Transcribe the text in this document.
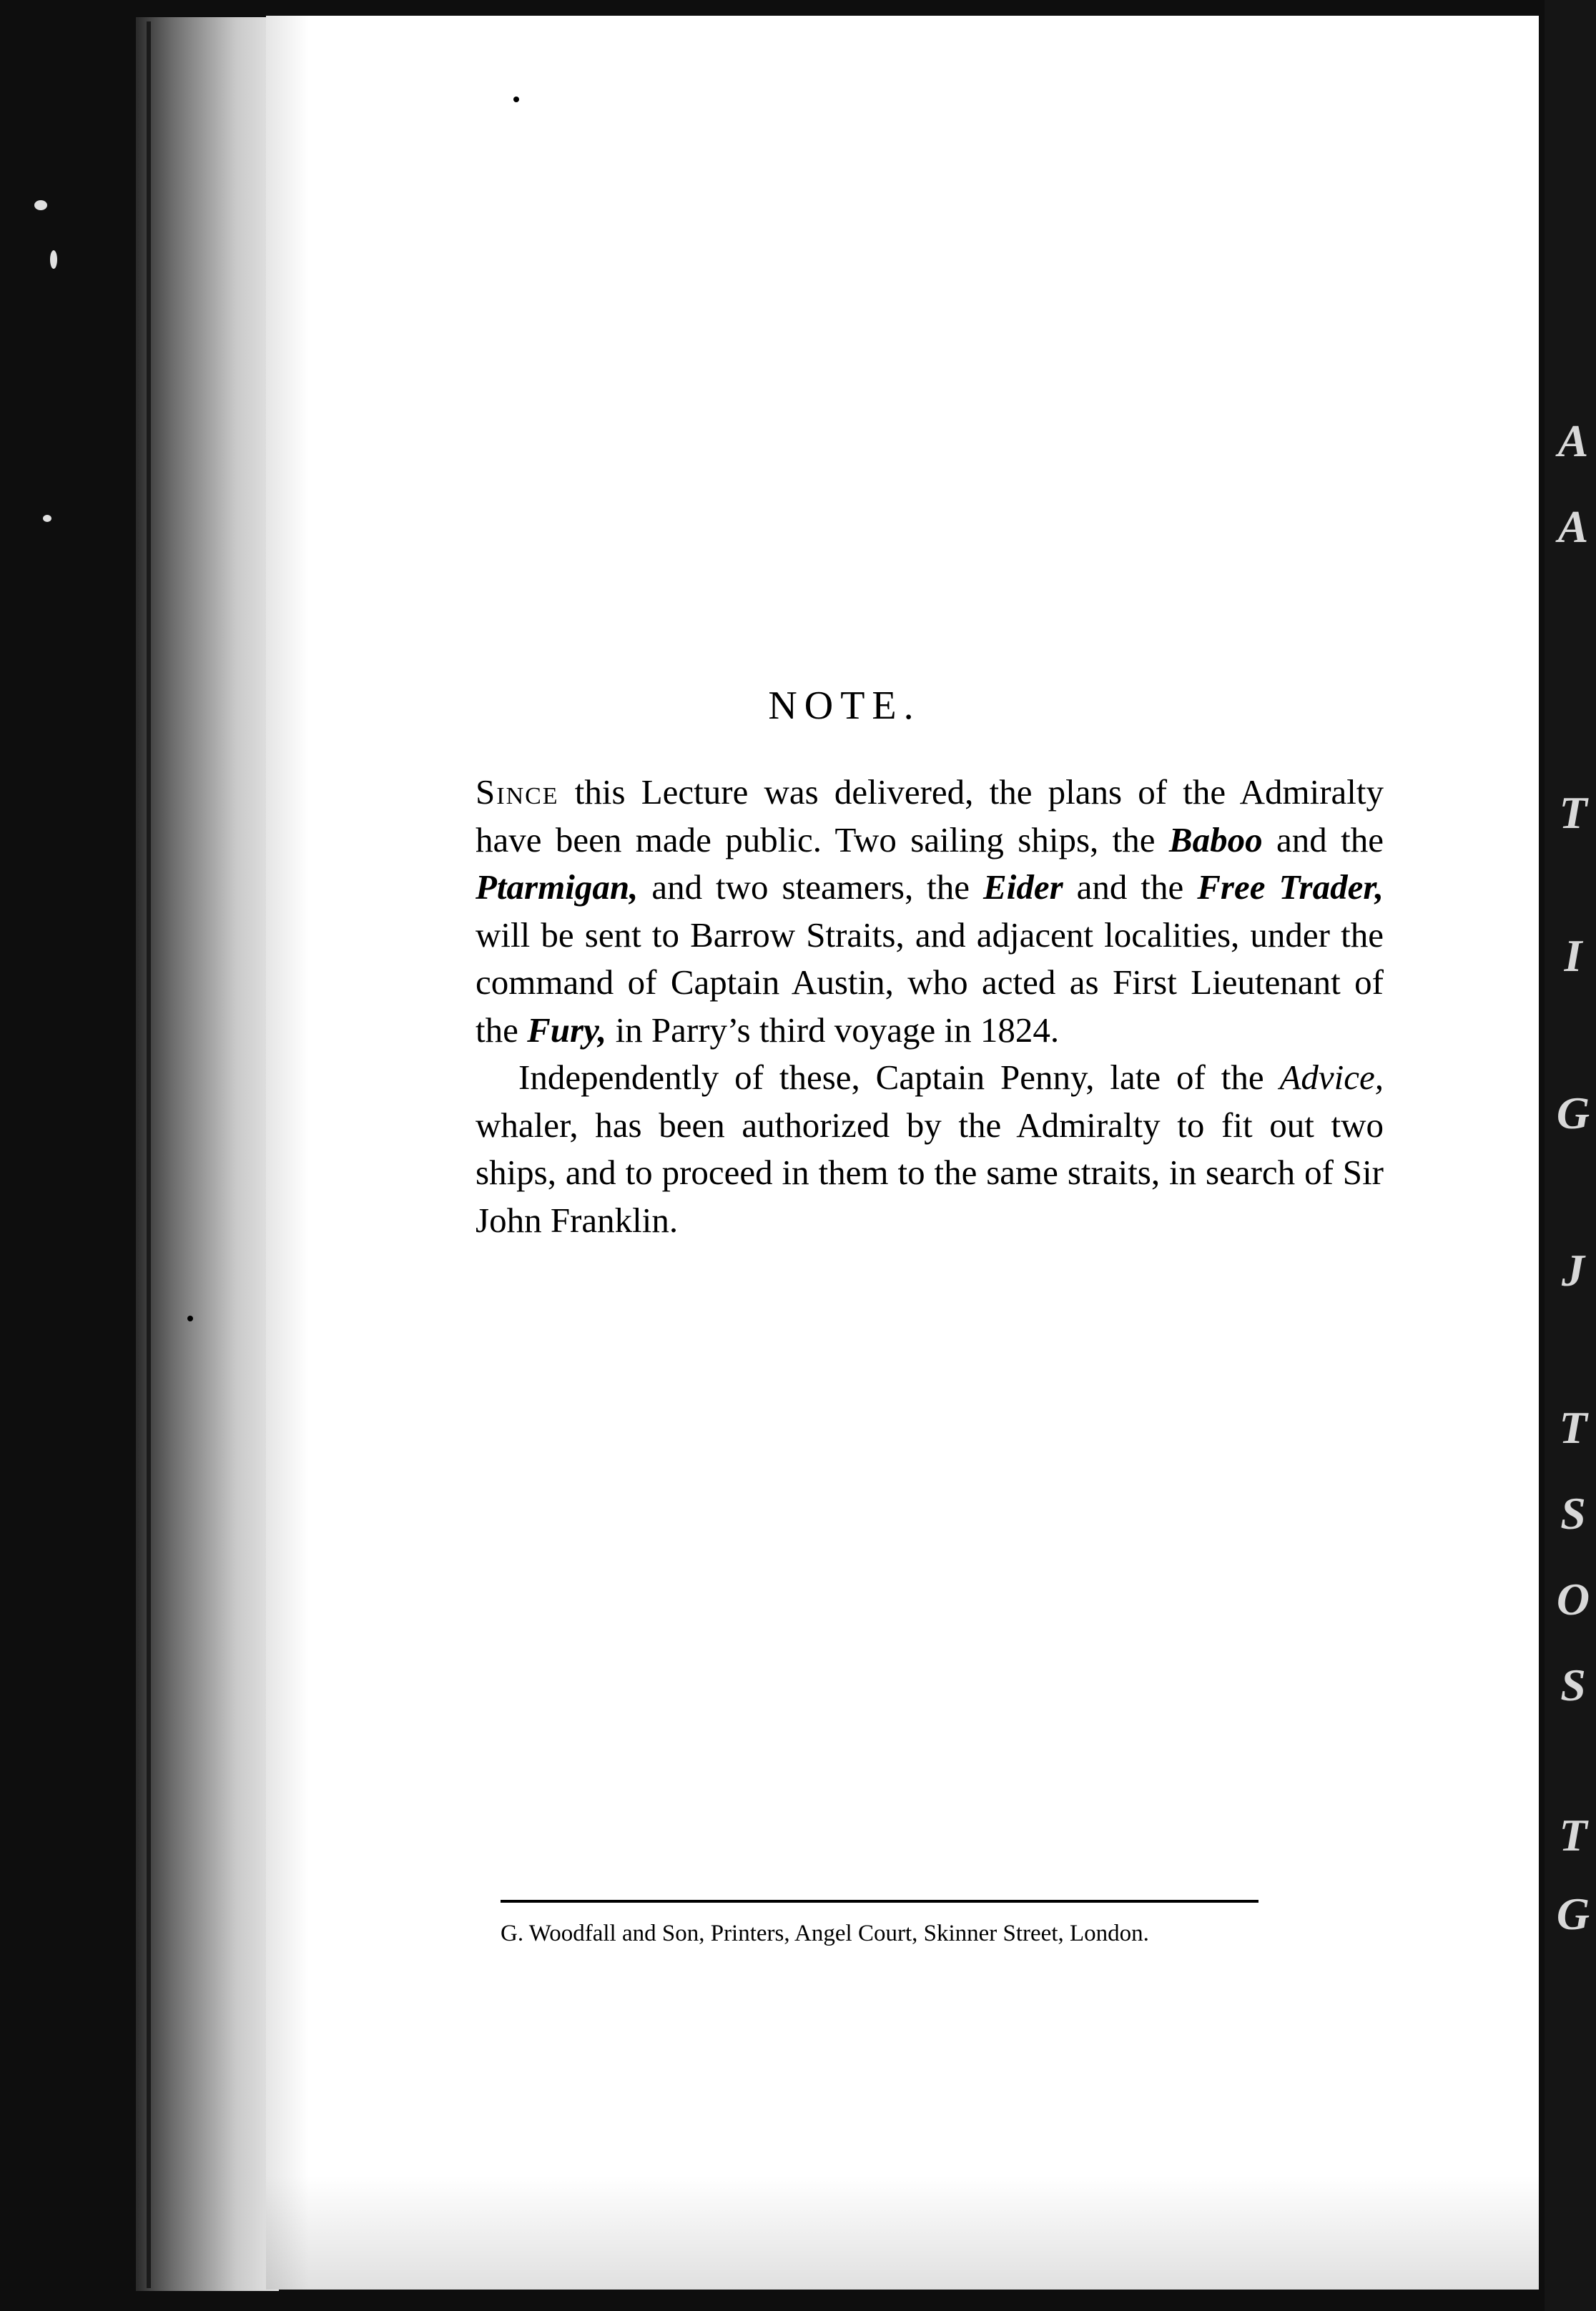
A
A
T
I
G
J
T
S
O
S
T
G
NOTE.

Since this Lecture was delivered, the plans of the Admiralty have been made public. Two sailing ships, the Baboo and the Ptarmigan, and two steamers, the Eider and the Free Trader, will be sent to Barrow Straits, and adjacent localities, under the command of Captain Austin, who acted as First Lieutenant of the Fury, in Parry’s third voyage in 1824.

Independently of these, Captain Penny, late of the Advice, whaler, has been authorized by the Admiralty to fit out two ships, and to proceed in them to the same straits, in search of Sir John Franklin.

G. Woodfall and Son, Printers, Angel Court, Skinner Street, London.
